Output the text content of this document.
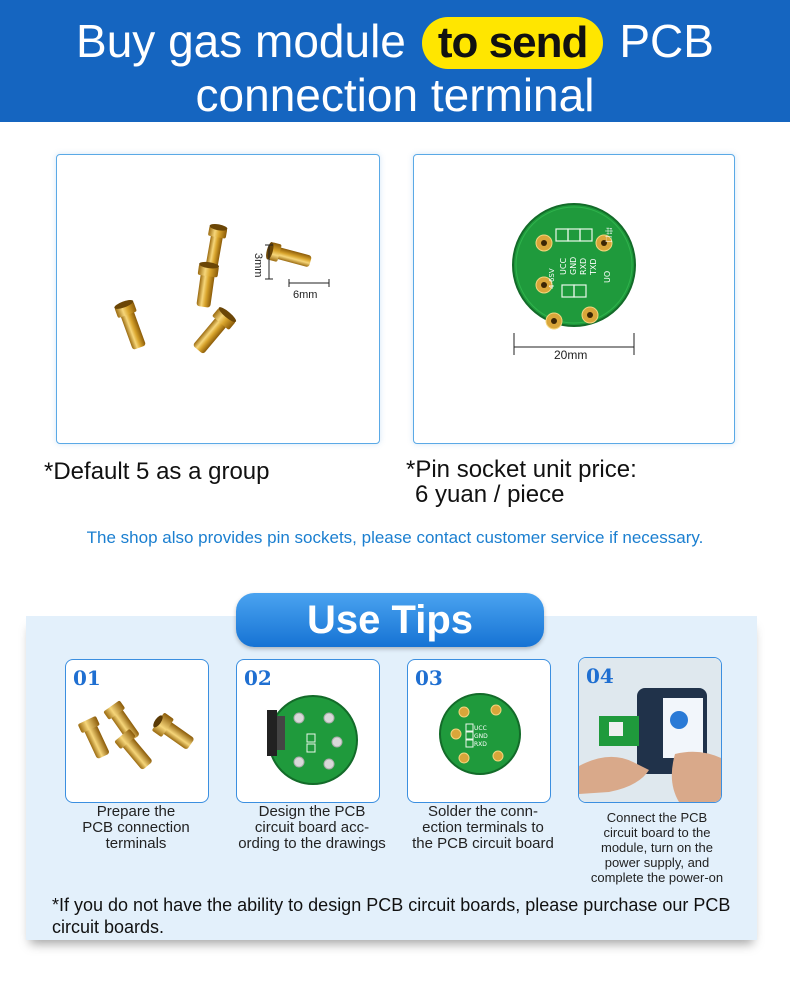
Buy gas module to send PCB
connection terminal
3mm
6mm
*Default 5 as a group
串口
UCC GND RXD TXD
UO
4-6SV
20mm
*Pin socket unit price:
6 yuan / piece
The shop also provides pin sockets, please contact customer service if necessary.
Use Tips
01
Prepare the
PCB connection
terminals
02
Design the PCB
circuit board acc-
ording to the drawings
03
UCC
GND
RXD
Solder the conn-
ection terminals to
the PCB circuit board
04
Connect the PCB
circuit board to the
module, turn on the
power supply, and
complete the power-on
*If you do not have the ability to design PCB circuit boards, please purchase our PCB circuit boards.
